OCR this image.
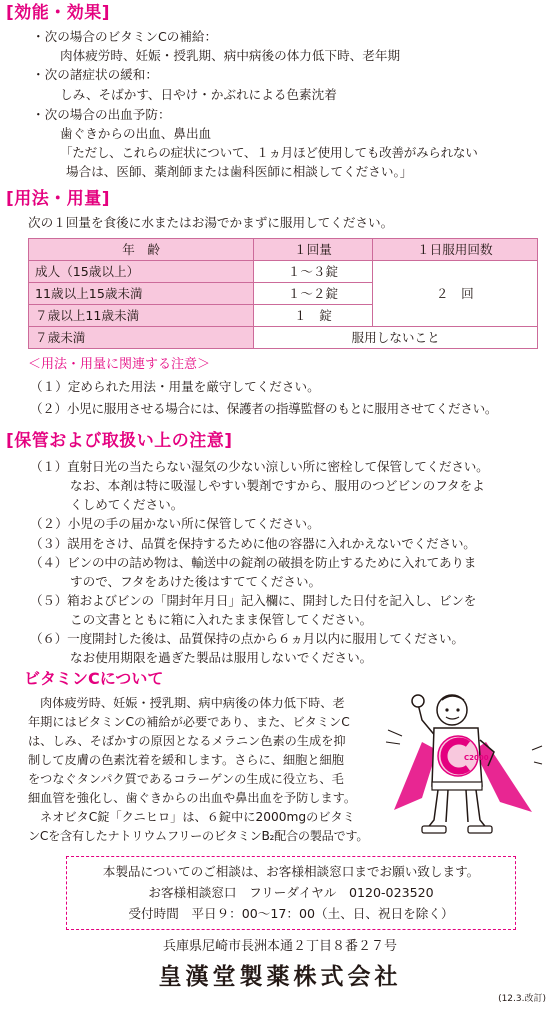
[効能・効果]
・次の場合のビタミンCの補給：
肉体疲労時、妊娠・授乳期、病中病後の体力低下時、老年期
・次の諸症状の緩和：
しみ、そばかす、日やけ・かぶれによる色素沈着
・次の場合の出血予防：
歯ぐきからの出血、鼻出血
「ただし、これらの症状について、１ヵ月ほど使用しても改善がみられない
場合は、医師、薬剤師または歯科医師に相談してください。」
[用法・用量]
次の１回量を食後に水またはお湯でかまずに服用してください。
年　齢	１回量	１日服用回数
成人（15歳以上）	１〜３錠	２　回
11歳以上15歳未満	１〜２錠	
７歳以上11歳未満	１　錠	
７歳未満	服用しないこと	
＜用法・用量に関連する注意＞
（１）定められた用法・用量を厳守してください。
（２）小児に服用させる場合には、保護者の指導監督のもとに服用させてください。
[保管および取扱い上の注意]
（１）直射日光の当たらない湿気の少ない涼しい所に密栓して保管してください。
なお、本剤は特に吸湿しやすい製剤ですから、服用のつどビンのフタをよ
くしめてください。
（２）小児の手の届かない所に保管してください。
（３）誤用をさけ、品質を保持するために他の容器に入れかえないでください。
（４）ビンの中の詰め物は、輸送中の錠剤の破損を防止するために入れてありま
すので、フタをあけた後はすててください。
（５）箱およびビンの「開封年月日」記入欄に、開封した日付を記入し、ビンを
この文書とともに箱に入れたまま保管してください。
（６）一度開封した後は、品質保持の点から６ヵ月以内に服用してください。
なお使用期限を過ぎた製品は服用しないでください。
ビタミンCについて
肉体疲労時、妊娠・授乳期、病中病後の体力低下時、老
年期にはビタミンCの補給が必要であり、また、ビタミンC
は、しみ、そばかすの原因となるメラニン色素の生成を抑
制して皮膚の色素沈着を緩和します。さらに、細胞と細胞
をつなぐタンパク質であるコラーゲンの生成に役立ち、毛
細血管を強化し、歯ぐきからの出血や鼻出血を予防します。
ネオビタC錠「クニヒロ」は、６錠中に2000mgのビタミ
ンCを含有したナトリウムフリーのビタミンB₂配合の製品です。
C2000
本製品についてのご相談は、お客様相談窓口までお願い致します。
お客様相談窓口　フリーダイヤル　0120-023520
受付時間　平日９：00〜17：00（土、日、祝日を除く）
兵庫県尼崎市長洲本通２丁目８番２７号
皇漢堂製薬株式会社
(12.3.改訂)
